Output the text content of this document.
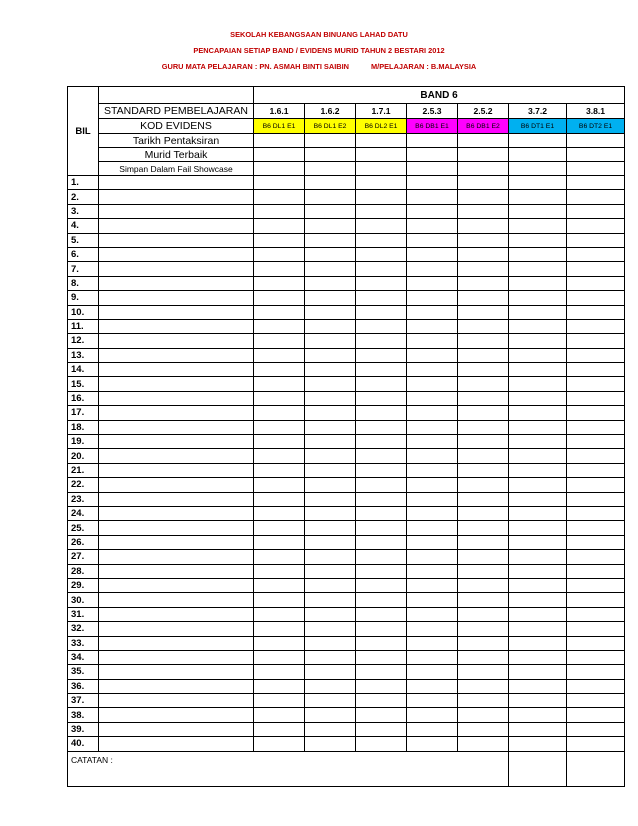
SEKOLAH KEBANGSAAN BINUANG LAHAD DATU
PENCAPAIAN SETIAP BAND / EVIDENS MURID TAHUN 2 BESTARI 2012
GURU MATA PELAJARAN : PN. ASMAH BINTI SAIBIN	M/PELAJARAN : B.MALAYSIA
BIL		BAND 6						
	STANDARD PEMBELAJARAN	1.6.1	1.6.2	1.7.1	2.5.3	2.5.2	3.7.2	3.8.1
	KOD EVIDENS	B6 DL1 E1	B6 DL1 E2	B6 DL2 E1	B6 DB1 E1	B6 DB1 E2	B6 DT1 E1	B6 DT2 E1
	Tarikh Pentaksiran							
	Murid Terbaik							
	Simpan Dalam Fail Showcase							
1.								
2.								
3.								
4.								
5.								
6.								
7.								
8.								
9.								
10.								
11.								
12.								
13.								
14.								
15.								
16.								
17.								
18.								
19.								
20.								
21.								
22.								
23.								
24.								
25.								
26.								
27.								
28.								
29.								
30.								
31.								
32.								
33.								
34.								
35.								
36.								
37.								
38.								
39.								
40.								
CATATAN :								
